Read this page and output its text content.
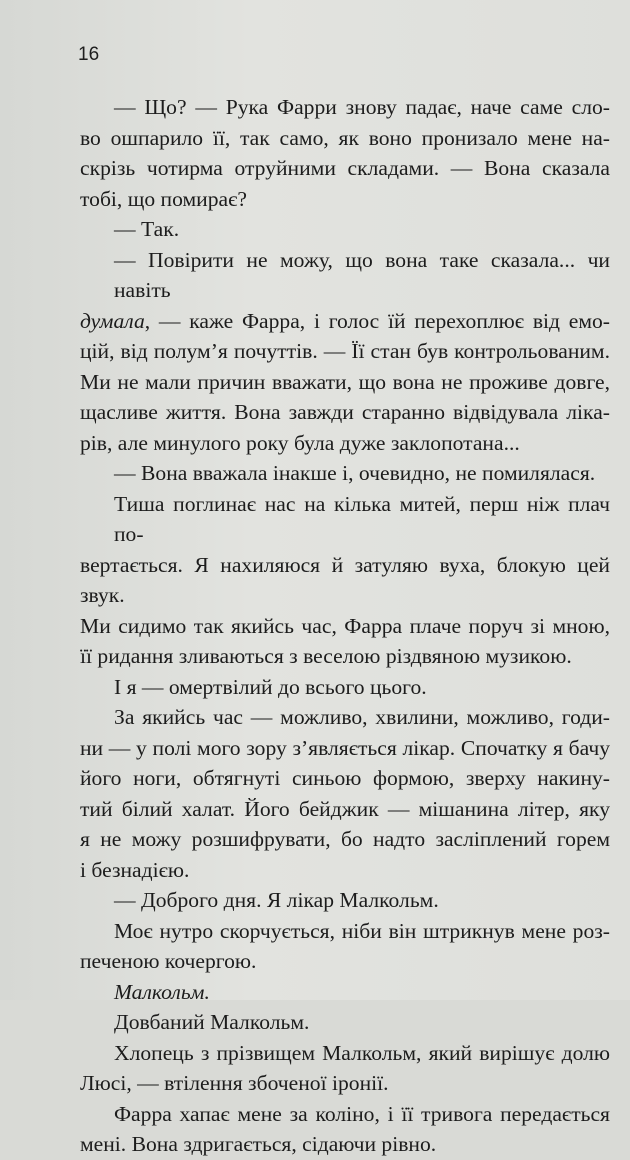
16
— Що? — Рука Фарри знову падає, наче саме сло-
во ошпарило її, так само, як воно пронизало мене на-
скрізь чотирма отруйними складами. — Вона сказала
тобі, що помирає?
— Так.
— Повірити не можу, що вона таке сказала... чи навіть
думала, — каже Фарра, і голос їй перехоплює від емо-
цій, від полум’я почуттів. — Її стан був контрольованим.
Ми не мали причин вважати, що вона не проживе довге,
щасливе життя. Вона завжди старанно відвідувала ліка-
рів, але минулого року була дуже заклопотана...
— Вона вважала інакше і, очевидно, не помилялася.
Тиша поглинає нас на кілька митей, перш ніж плач по-
вертається. Я нахиляюся й затуляю вуха, блокую цей звук.
Ми сидимо так якийсь час, Фарра плаче поруч зі мною,
її ридання зливаються з веселою різдвяною музикою.
І я — омертвілий до всього цього.
За якийсь час — можливо, хвилини, можливо, годи-
ни — у полі мого зору з’являється лікар. Спочатку я бачу
його ноги, обтягнуті синьою формою, зверху накину-
тий білий халат. Його бейджик — мішанина літер, яку
я не можу розшифрувати, бо надто засліплений горем
і безнадією.
— Доброго дня. Я лікар Малкольм.
Моє нутро скорчується, ніби він штрикнув мене роз-
печеною кочергою.
Малкольм.
Довбаний Малкольм.
Хлопець з прізвищем Малкольм, який вирішує долю
Люсі, — втілення збоченої іронії.
Фарра хапає мене за коліно, і її тривога передається
мені. Вона здригається, сідаючи рівно.
